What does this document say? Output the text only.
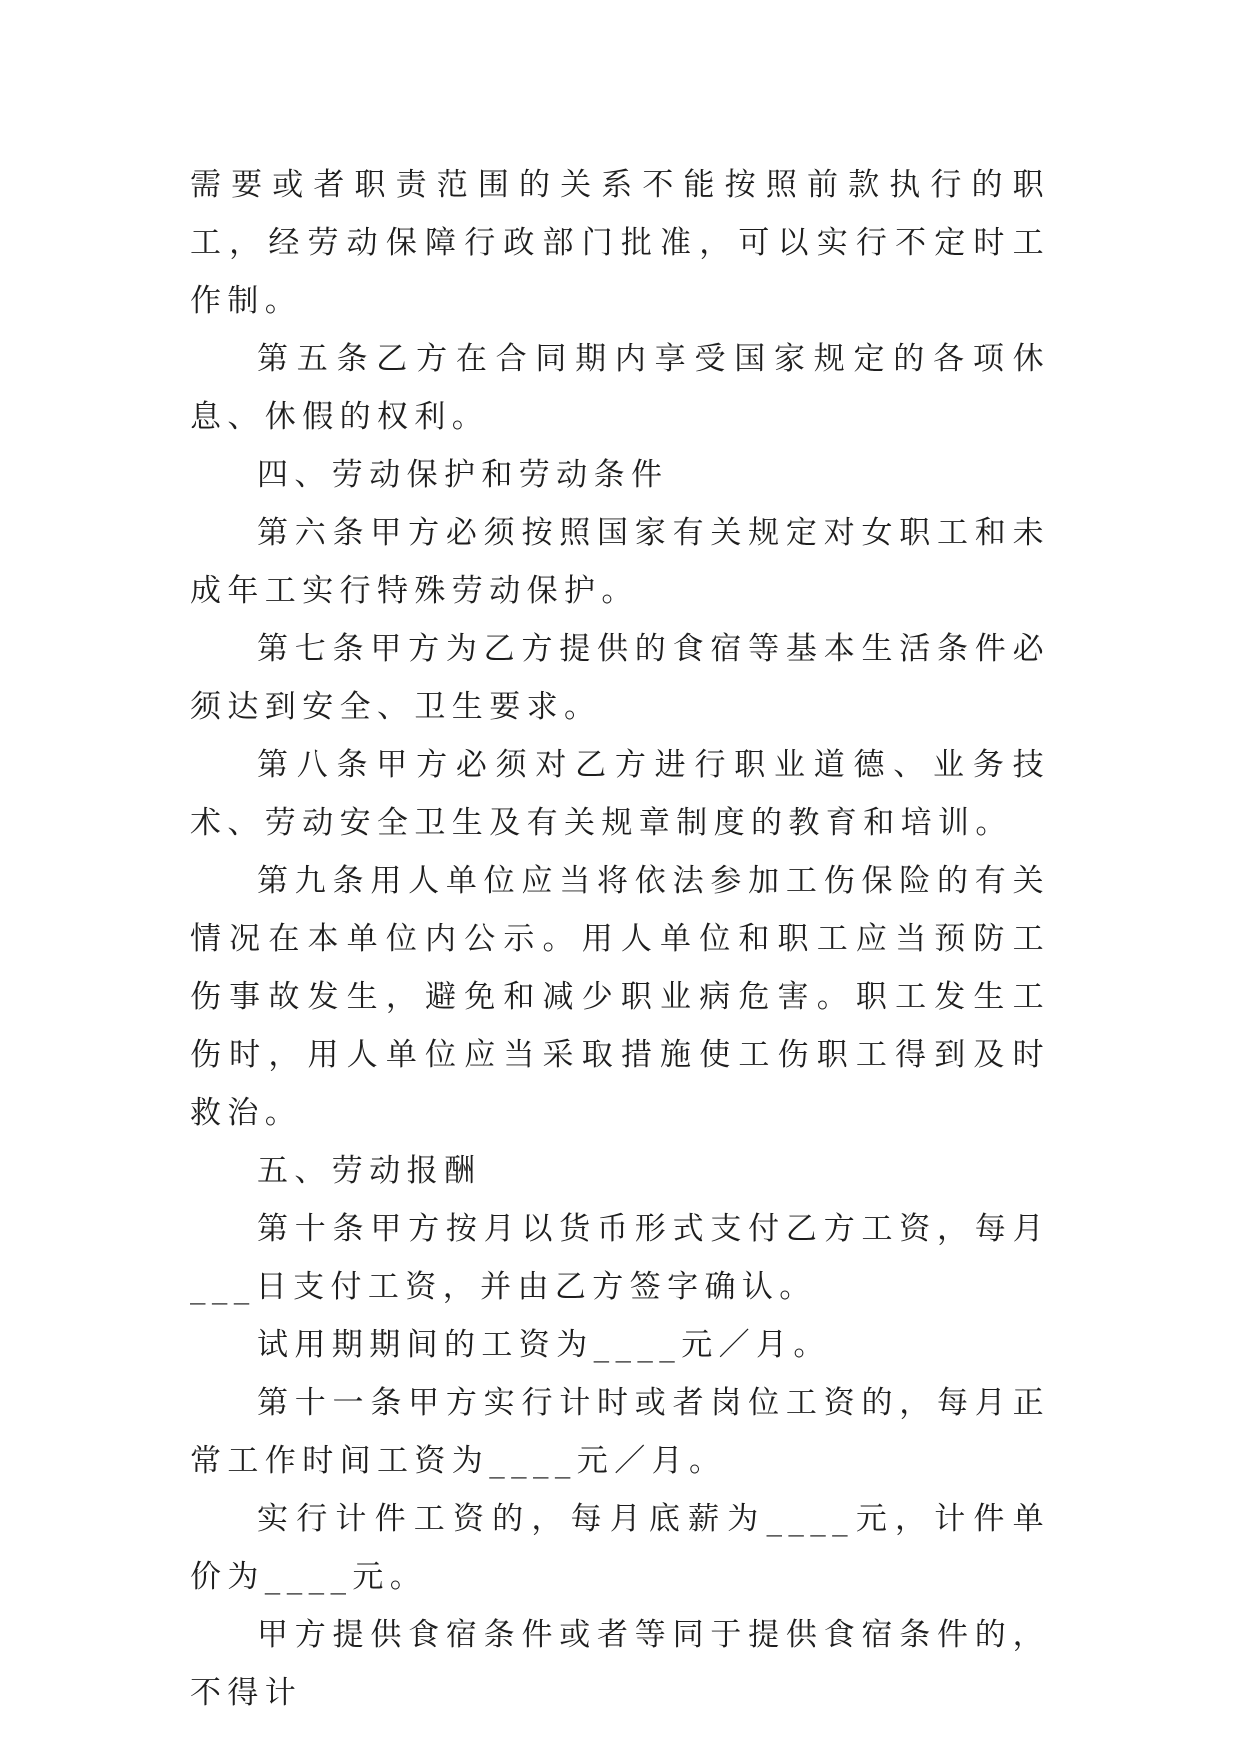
需要或者职责范围的关系不能按照前款执行的职工，经劳动保障行政部门批准，可以实行不定时工作制。

第五条乙方在合同期内享受国家规定的各项休息、休假的权利。

四、劳动保护和劳动条件

第六条甲方必须按照国家有关规定对女职工和未成年工实行特殊劳动保护。

第七条甲方为乙方提供的食宿等基本生活条件必须达到安全、卫生要求。

第八条甲方必须对乙方进行职业道德、业务技术、劳动安全卫生及有关规章制度的教育和培训。

第九条用人单位应当将依法参加工伤保险的有关情况在本单位内公示。用人单位和职工应当预防工伤事故发生，避免和减少职业病危害。职工发生工伤时，用人单位应当采取措施使工伤职工得到及时救治。

五、劳动报酬

第十条甲方按月以货币形式支付乙方工资，每月___日支付工资，并由乙方签字确认。

试用期期间的工资为____元／月。

第十一条甲方实行计时或者岗位工资的，每月正常工作时间工资为____元／月。

实行计件工资的，每月底薪为____元，计件单价为____元。

甲方提供食宿条件或者等同于提供食宿条件的，不得计
